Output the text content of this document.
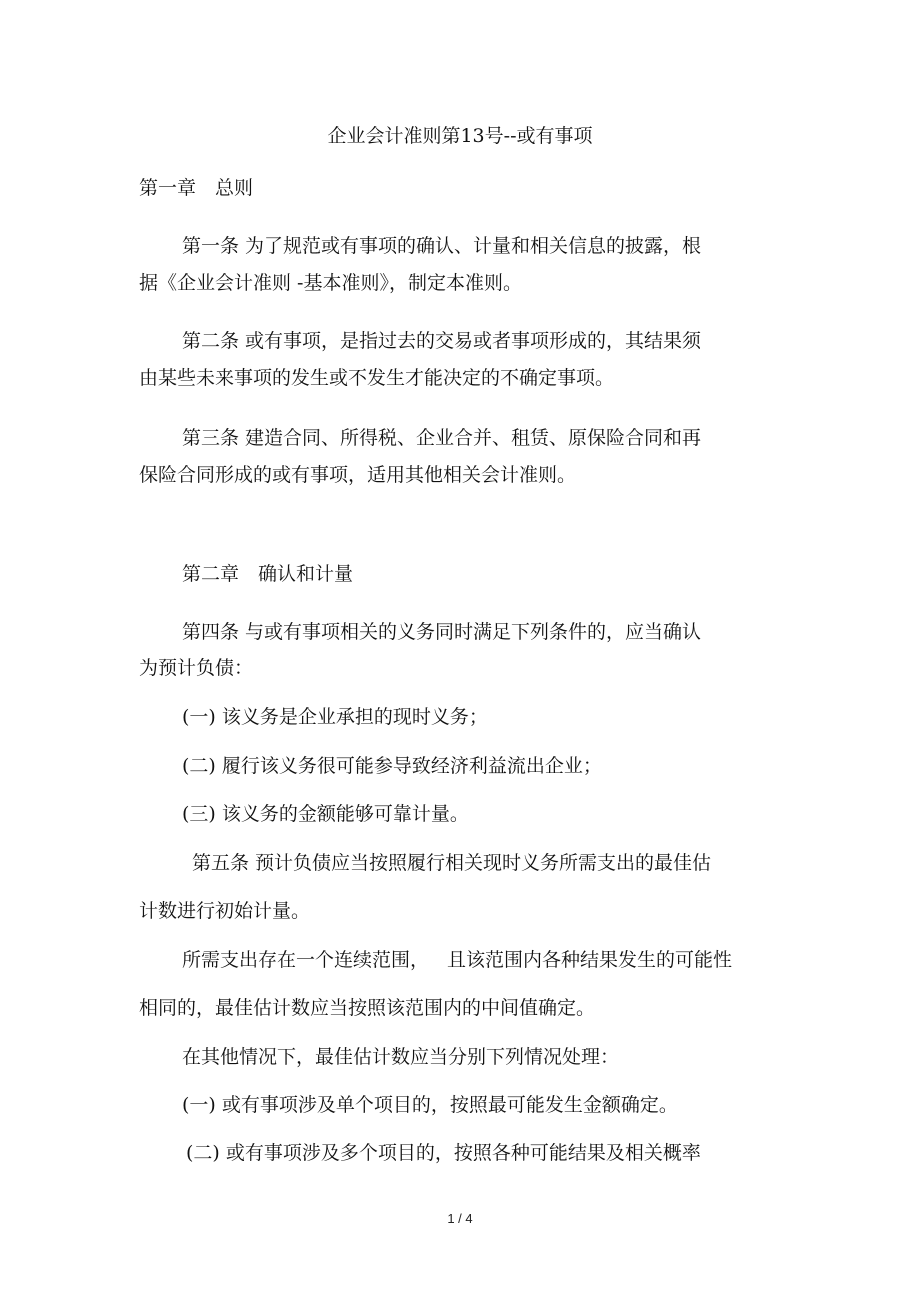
企业会计准则第13号--或有事项
第一章　总则
第一条 为了规范或有事项的确认、计量和相关信息的披露，根
据《企业会计准则 -基本准则》，制定本准则。
第二条 或有事项，是指过去的交易或者事项形成的，其结果须
由某些未来事项的发生或不发生才能决定的不确定事项。
第三条 建造合同、所得税、企业合并、租赁、原保险合同和再
保险合同形成的或有事项，适用其他相关会计准则。
第二章　确认和计量
第四条 与或有事项相关的义务同时满足下列条件的，应当确认
为预计负债：
(一) 该义务是企业承担的现时义务；
(二) 履行该义务很可能参导致经济利益流出企业；
(三) 该义务的金额能够可靠计量。
第五条 预计负债应当按照履行相关现时义务所需支出的最佳估
计数进行初始计量。
所需支出存在一个连续范围， 且该范围内各种结果发生的可能性
相同的，最佳估计数应当按照该范围内的中间值确定。
在其他情况下，最佳估计数应当分别下列情况处理：
(一) 或有事项涉及单个项目的，按照最可能发生金额确定。
(二) 或有事项涉及多个项目的，按照各种可能结果及相关概率
1 / 4
